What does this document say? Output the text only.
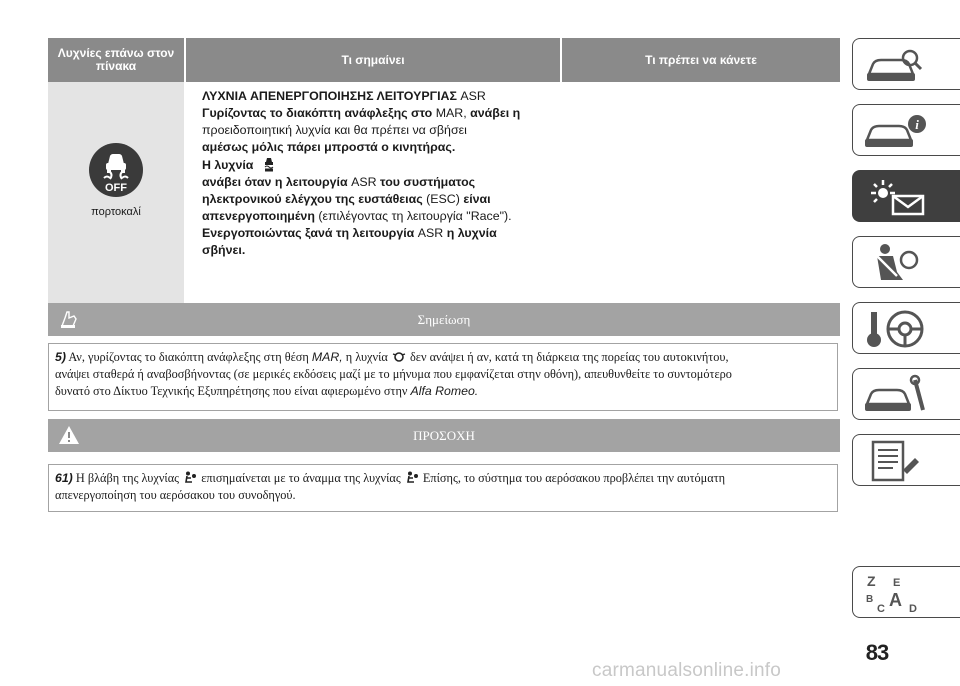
Λυχνίες επάνω στον πίνακα	Τι σημαίνει	Τι πρέπει να κάνετε
OFF
πορτοκαλί

ΛΥΧΝΙΑ ΑΠΕΝΕΡΓΟΠΟΙΗΣΗΣ ΛΕΙΤΟΥΡΓΙΑΣ ASR

Γυρίζοντας το διακόπτη ανάφλεξης στο MAR, ανάβει η

προειδοποιητική λυχνία και θα πρέπει να σβήσει

αμέσως μόλις πάρει μπροστά ο κινητήρας.

Η λυχνία

ανάβει όταν η λειτουργία ASR του συστήματος

ηλεκτρονικού ελέγχου της ευστάθειας (ESC) είναι

απενεργοποιημένη (επιλέγοντας τη λειτουργία "Race").

Ενεργοποιώντας ξανά τη λειτουργία ASR η λυχνία

σβήνει.

Σημείωση

5) Αν, γυρίζοντας το διακόπτη ανάφλεξης στη θέση MAR, η λυχνία δεν ανάψει ή αν, κατά τη διάρκεια της πορείας του αυτοκινήτου,

ανάψει σταθερά ή αναβοσβήνοντας (σε μερικές εκδόσεις μαζί με το μήνυμα που εμφανίζεται στην οθόνη), απευθυνθείτε το συντομότερο

δυνατό στο Δίκτυο Τεχνικής Εξυπηρέτησης που είναι αφιερωμένο στην Alfa Romeo.

ΠΡΟΣΟΧΗ

61) Η βλάβη της λυχνίας επισημαίνεται με το άναμμα της λυχνίας Επίσης, το σύστημα του αερόσακου προβλέπει την αυτόματη

απενεργοποίηση του αερόσακου του συνοδηγού.

i
Z E
B A D
C
83
carmanualsonline.info
